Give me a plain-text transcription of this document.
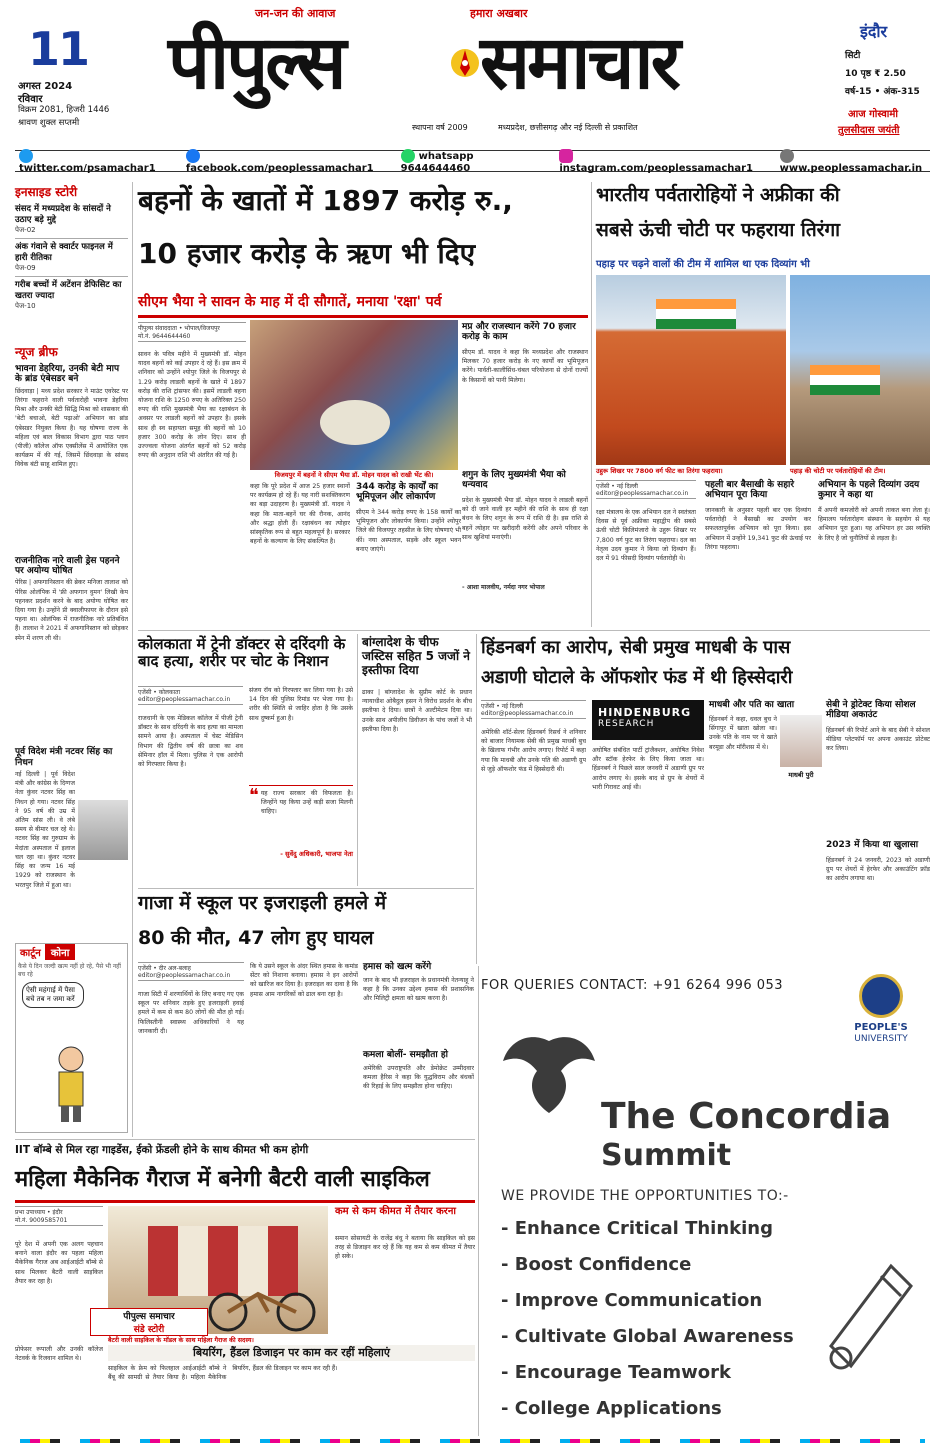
11
अगस्त 2024
रविवार
विक्रम 2081, हिजरी 1446
श्रावण शुक्ल सप्तमी
जन-जन की आवाज	हमारा अखबार
पीपुल्स समाचार
स्थापना वर्ष 2009	मध्यप्रदेश, छत्तीसगढ़ और नई दिल्ली से प्रकाशित
इंदौर
सिटी
10 पृष्ठ ₹ 2.50
वर्ष-15 • अंक-315
आज गोस्वामी
तुलसीदास जयंती
twitter.com/psamachar1	facebook.com/peoplessamachar1
whatsapp 9644644460	instagram.com/peoplessamachar1	www.peoplessamachar.in
इनसाइड स्टोरी
संसद में मध्यप्रदेश के सांसदों ने उठाए बड़े मुद्दे
पेज-02
अंक गंवाने से क्वार्टर फाइनल में हारी रीतिका
पेज-09
गरीब बच्चों में अटेंशन डेफिसिट का खतरा ज्यादा
पेज-10
न्यूज ब्रीफ
भावना डेहरिया, उनकी बेटी माप के ब्रांड एंबेसडर बने
छिंदवाड़ा | मध्य प्रदेश सरकार ने माउंट एवरेस्ट पर तिरंगा फहराने वाली पर्वतारोही भावना डेहरिया मिश्रा और उनकी बेटी सिद्धि मिश्रा को शासकार की 'बेटी बचाओ, बेटी पढ़ाओ' अभियान का ब्रांड एंबेसडर नियुक्त किया है। यह घोषणा राज्य के महिला एवं बाल विकास विभाग द्वारा पाठ प्लान (पीजी) कॉलेज ऑफ एक्सीलेंस में आयोजित एक कार्यक्रम में की गई, जिसमें छिंदवाड़ा के सांसद विवेक बंटी साहू शामिल हुए।
राजनीतिक नारे वाली ड्रेस पहनने पर अयोग्य घोषित
पेरिस | अफगानिस्तान की ब्रेकर मनिजा तालाश को पेरिस ओलंपिक में 'फ्री अफगान वुमन' लिखी केप पहनकर प्रदर्शन करने के बाद अयोग्य घोषित कर दिया गया है। उन्होंने प्री क्वालीफायर के दौरान इसे पहना था। ओलंपिक में राजनीतिक नारे प्रतिबंधित हैं। तालाश ने 2021 में अफगानिस्तान को छोड़कर स्पेन में शरण ली थी।
पूर्व विदेश मंत्री नटवर सिंह का निधन
नई दिल्ली | पूर्व विदेश मंत्री और कांग्रेस के दिग्गज नेता कुंवर नटवर सिंह का निधन हो गया। नटवर सिंह ने 95 वर्ष की उम्र में अंतिम सांस ली। वे लंबे समय से बीमार चल रहे थे। नटवर सिंह का गुरुग्राम के मेदांता अस्पताल में इलाज चल रहा था। कुंवर नटवर सिंह का जन्म 16 मई 1929 को राजस्थान के भरतपुर जिले में हुआ था।
कार्टून	कोना
कैसे ये दिन जल्दी खत्म नहीं हो रहे, पैसे भी नहीं बच रहे
ऐसी महंगाई में पैसा बचे तब न जमा करें
बहनों के खातों में 1897 करोड़ रु.,
10 हजार करोड़ के ऋण भी दिए
सीएम भैया ने सावन के माह में दी सौगातें, मनाया 'रक्षा' पर्व
पीपुल्स संवाददाता • भोपाल/विजयपुर
मो.नं. 9644644460
सावन के पवित्र महीने में मुख्यमंत्री डॉ. मोहन यादव बहनों को कई उपहार दे रहे हैं। इस क्रम में शनिवार को उन्होंने श्योपुर जिले के विजयपुर से 1.29 करोड़ लाडली बहनों के खाते में 1897 करोड़ की राशि ट्रांसफर की। इसमें लाडली बहना योजना राशि के 1250 रुपए के अतिरिक्त 250 रुपए की राशि मुख्यमंत्री भैया का रक्षाबंधन के अवसर पर लाडली बहनों को उपहार है। इसके साथ ही स्व सहायता समूह की बहनों को 10 हजार 300 करोड़ के लोन दिए। साथ ही उज्ज्वला योजना अंतर्गत बहनों को 52 करोड़ रुपए की अनुदान राशि भी अंतरित की गई है।
विजयपुर में बहनों ने सीएम भैया डॉ. मोहन यादव को राखी भेंट की।
कहा कि पूरे प्रदेश में आज 25 हजार स्थानों पर कार्यक्रम हो रहे हैं। यह नारी सशक्तिकरण का बड़ा उदाहरण है। मुख्यमंत्री डॉ. यादव ने कहा कि माता-बहनें घर की रौनक, आनंद और श्रद्धा होती हैं। रक्षाबंधन का त्योहार सांस्कृतिक रूप से बहुत महत्वपूर्ण है। सरकार बहनों के कल्याण के लिए संकल्पित है।
344 करोड़ के कार्यों का भूमिपूजन और लोकार्पण
सीएम ने 344 करोड़ रुपए के 158 कार्यों का भूमिपूजन और लोकार्पण किया। उन्होंने श्योपुर जिले की विजयपुर तहसील के लिए घोषणाएं भी कीं। नया अस्पताल, सड़कें और स्कूल भवन बनाए जाएंगे।
मप्र और राजस्थान करेंगे 70 हजार करोड़ के काम
सीएम डॉ. यादव ने कहा कि मध्यप्रदेश और राजस्थान मिलकर 70 हजार करोड़ के नए कार्यों का भूमिपूजन करेंगे। पार्वती-कालीसिंध-चंबल परियोजना से दोनों राज्यों के किसानों को पानी मिलेगा।
शगुन के लिए मुख्यमंत्री भैया को धन्यवाद
प्रदेश के मुख्यमंत्री भैया डॉ. मोहन यादव ने लाडली बहनों को दी जाने वाली हर महीने की राशि के साथ ही रक्षा बंधन के लिए शगुन के रूप में राशि दी है। इस राशि से बहनें त्योहार पर खरीदारी करेंगी और अपने परिवार के साथ खुशियां मनाएंगी।
- आशा मालवीय, नर्मदा नगर भोपाल
भारतीय पर्वतारोहियों ने अफ्रीका की
सबसे ऊंची चोटी पर फहराया तिरंगा
पहाड़ पर चढ़ने वालों की टीम में शामिल था एक दिव्यांग भी
उहुरू शिखर पर 7800 वर्ग फीट का तिरंगा फहराया।	पहाड़ की चोटी पर पर्वतारोहियों की टीम।
एजेंसी • नई दिल्ली
editor@peoplessamachar.co.in
रक्षा मंत्रालय के एक अभियान दल ने स्वतंत्रता दिवस से पूर्व अफ्रीका महाद्वीप की सबसे ऊंची चोटी किलिमंजारो के उहुरू शिखर पर 7,800 वर्ग फुट का तिरंगा फहराया। दल का नेतृत्व उदय कुमार ने किया जो दिव्यांग हैं। दल में 91 फीसदी दिव्यांग पर्वतारोही थे।
पहली बार बैसाखी के सहारे अभियान पूरा किया
जानकारी के अनुसार पहली बार एक दिव्यांग पर्वतारोही ने बैसाखी का उपयोग कर सफलतापूर्वक अभियान को पूरा किया। इस अभियान में उन्होंने 19,341 फुट की ऊंचाई पर तिरंगा फहराया।
अभियान के पहले दिव्यांग उदय कुमार ने कहा था
मैं अपनी कमजोरी को अपनी ताकत बना लेता हूं। हिमालय पर्वतारोहण संस्थान के सहयोग से यह अभियान पूरा हुआ। यह अभियान हर उस व्यक्ति के लिए है जो चुनौतियों से लड़ता है।
कोलकाता में ट्रेनी डॉक्टर से दरिंदगी के बाद हत्या, शरीर पर चोट के निशान
एजेंसी • कोलकाता
editor@peoplessamachar.co.in
राजधानी के एक मेडिकल कॉलेज में पीजी ट्रेनी डॉक्टर के साथ दरिंदगी के बाद हत्या का मामला सामने आया है। अस्पताल में चेस्ट मेडिसिन विभाग की द्वितीय वर्ष की छात्रा का शव सेमिनार हॉल में मिला। पुलिस ने एक आरोपी को गिरफ्तार किया है।
संजय रॉय को गिरफ्तार कर लिया गया है। उसे 14 दिन की पुलिस रिमांड पर भेजा गया है। शरीर की स्थिति से जाहिर होता है कि उसके साथ दुष्कर्म हुआ है।
❝ यह राज्य सरकार की विफलता है। जिन्होंने यह किया उन्हें कड़ी सजा मिलनी चाहिए।
- सुवेंदु अधिकारी, भाजपा नेता
बांग्लादेश के चीफ जस्टिस सहित 5 जजों ने इस्तीफा दिया
ढाका | बांग्लादेश के सुप्रीम कोर्ट के प्रधान न्यायाधीश ओबैदुल हसन ने विरोध प्रदर्शन के बीच इस्तीफा दे दिया। छात्रों ने अल्टीमेटम दिया था। उनके साथ अपीलीय डिवीजन के पांच जजों ने भी इस्तीफा दिया है।
हिंडनबर्ग का आरोप, सेबी प्रमुख माधबी के पास
अडाणी घोटाले के ऑफशोर फंड में थी हिस्सेदारी
एजेंसी • नई दिल्ली
editor@peoplessamachar.co.in
अमेरिकी शॉर्ट-सेलर हिंडनबर्ग रिसर्च ने शनिवार को बाजार नियामक सेबी की प्रमुख माधबी बुच के खिलाफ गंभीर आरोप लगाए। रिपोर्ट में कहा गया कि माधबी और उनके पति की अडाणी ग्रुप से जुड़े ऑफशोर फंड में हिस्सेदारी थी।
HINDENBURG
RESEARCH
अघोषित संबंधित पार्टी ट्रांजैक्शन, अघोषित निवेश और स्टॉक हेरफेर के लिए किया जाता था। हिंडनबर्ग ने पिछले साल जनवरी में अडाणी ग्रुप पर आरोप लगाए थे। इसके बाद से ग्रुप के शेयरों में भारी गिरावट आई थी।
माधबी और पति का खाता
हिंडनबर्ग ने कहा, धवल बुच ने सिंगापुर में खाता खोला था। उनके पति के नाम पर ये खाते बरमूडा और मॉरीशस में थे।
माधबी पुरी
सेबी ने ड्रोटेक्ट किया सोशल मीडिया अकाउंट
हिंडनबर्ग की रिपोर्ट आने के बाद सेबी ने सोशल मीडिया प्लेटफॉर्म पर अपना अकाउंट प्रोटेक्ट कर लिया।
2023 में किया था खुलासा
हिंडनबर्ग ने 24 जनवरी, 2023 को अडाणी ग्रुप पर शेयरों में हेरफेर और अकाउंटिंग फ्रॉड का आरोप लगाया था।
गाजा में स्कूल पर इजराइली हमले में
80 की मौत, 47 लोग हुए घायल
एजेंसी • दीर अल-बलाह
editor@peoplessamachar.co.in
गाजा सिटी में शरणार्थियों के लिए बनाए गए एक स्कूल पर शनिवार तड़के हुए इजराइली हवाई हमले में कम से कम 80 लोगों की मौत हो गई। फिलिस्तीनी स्वास्थ्य अधिकारियों ने यह जानकारी दी।
कि ये उसने स्कूल के अंदर स्थित हमास के कमांड सेंटर को निशाना बनाया। हमास ने इन आरोपों को खारिज कर दिया है। इजराइल का दावा है कि हमास आम नागरिकों को ढाल बना रहा है।
हमास को खत्म करेंगे
जान के बाद भी इजराइल के प्रधानमंत्री नेतन्याहू ने कहा है कि उनका उद्देश्य हमास की प्रशासनिक और मिलिट्री क्षमता को खत्म करना है।
कमला बोलीं- समझौता हो
अमेरिकी उपराष्ट्रपति और डेमोक्रेट उम्मीदवार कमला हैरिस ने कहा कि युद्धविराम और बंधकों की रिहाई के लिए समझौता होना चाहिए।
IIT बॉम्बे से मिल रहा गाइडेंस, ईको फ्रेंडली होने के साथ कीमत भी कम होगी
महिला मैकेनिक गैराज में बनेगी बैटरी वाली साइकिल
प्रभा उपाध्याय • इंदौर
मो.नं. 9009585701
पूरे देश में अपनी एक अलग पहचान बनाने वाला इंदौर का पहला महिला मैकेनिक गैराज अब आईआईटी बॉम्बे से साथ मिलकर बैटरी वाली साइकिल तैयार कर रहा है।
पीपुल्स समाचार
संडे स्टोरी
बैटरी वाली साइकिल के मॉडल के साथ महिला गैराज की सदस्य।
कम से कम कीमत में तैयार करना
समान सोसायटी के राजेंद्र बंधु ने बताया कि साइकिल को इस तरह से डिजाइन कर रहे हैं कि यह कम से कम कीमत में तैयार हो सके।
प्रोफेसर रूपाली और उनकी कॉलेज नेटवर्क के रिजवान शामिल थे।	बियरिंग, हैंडल डिजाइन पर काम कर रहीं महिलाएं
साइकिल के फ्रेम को फिलहाल आईआईटी बॉम्बे ने बैंबू की सामग्री से तैयार किया है। महिला मैकेनिक बियरिंग, हैंडल की डिजाइन पर काम कर रही हैं।
FOR QUERIES CONTACT: +91 6264 996 053
PEOPLE'S
UNIVERSITY
The Concordia
Summit
WE PROVIDE THE OPPORTUNITIES TO:-
- Enhance Critical Thinking
- Boost Confidence
- Improve Communication
- Cultivate Global Awareness
- Encourage Teamwork
- College Applications
